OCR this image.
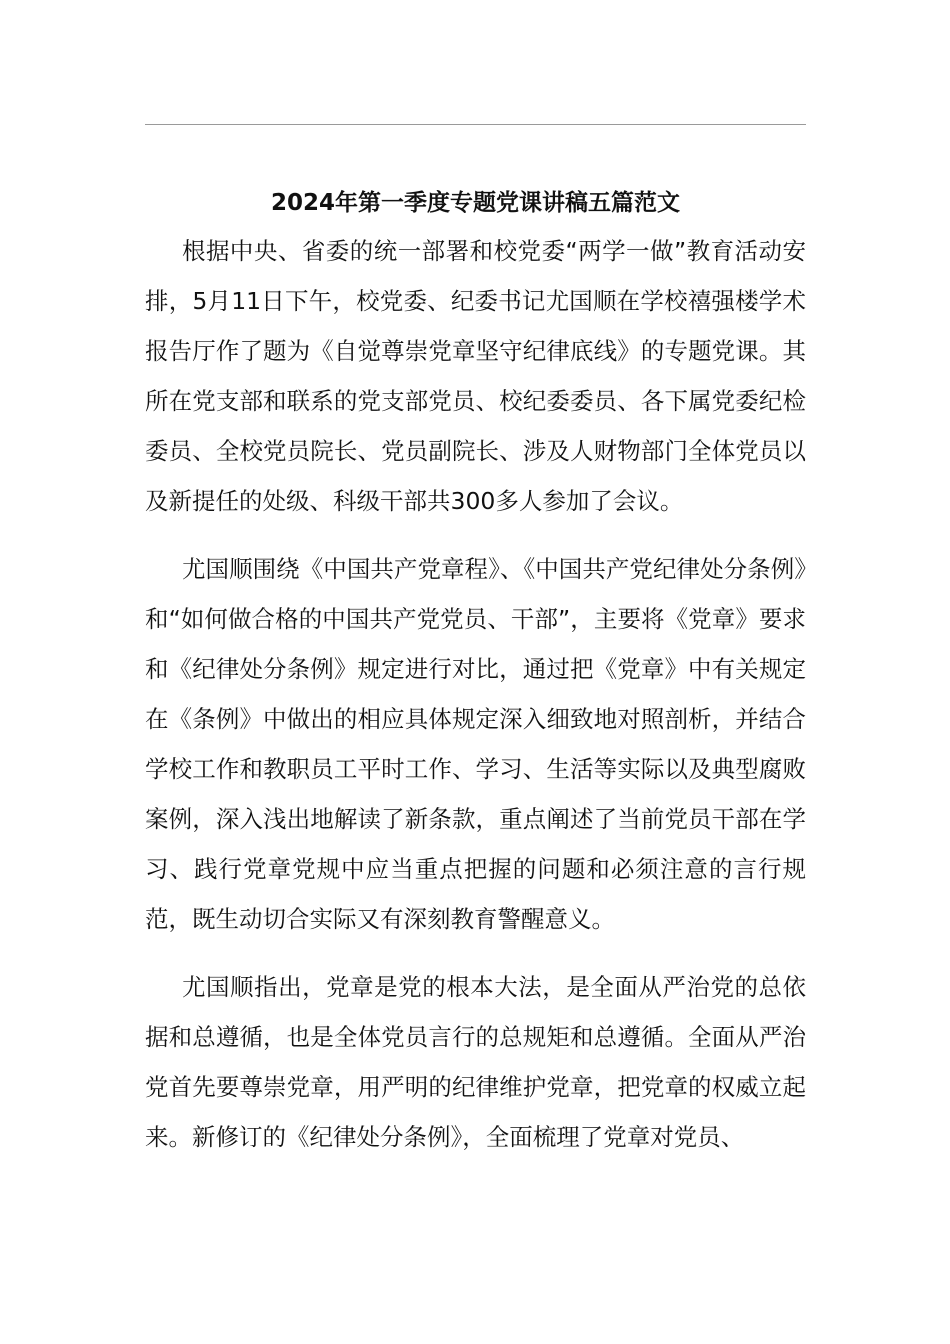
2024年第一季度专题党课讲稿五篇范文

根据中央、省委的统一部署和校党委“两学一做”教育活动安排，5月11日下午，校党委、纪委书记尤国顺在学校禧强楼学术报告厅作了题为《自觉尊崇党章坚守纪律底线》的专题党课。其所在党支部和联系的党支部党员、校纪委委员、各下属党委纪检委员、全校党员院长、党员副院长、涉及人财物部门全体党员以及新提任的处级、科级干部共300多人参加了会议。

尤国顺围绕《中国共产党章程》、《中国共产党纪律处分条例》和“如何做合格的中国共产党党员、干部”，主要将《党章》要求和《纪律处分条例》规定进行对比，通过把《党章》中有关规定在《条例》中做出的相应具体规定深入细致地对照剖析，并结合学校工作和教职员工平时工作、学习、生活等实际以及典型腐败案例，深入浅出地解读了新条款，重点阐述了当前党员干部在学习、践行党章党规中应当重点把握的问题和必须注意的言行规范，既生动切合实际又有深刻教育警醒意义。

尤国顺指出，党章是党的根本大法，是全面从严治党的总依据和总遵循，也是全体党员言行的总规矩和总遵循。全面从严治党首先要尊崇党章，用严明的纪律维护党章，把党章的权威立起来。新修订的《纪律处分条例》，全面梳理了党章对党员、
